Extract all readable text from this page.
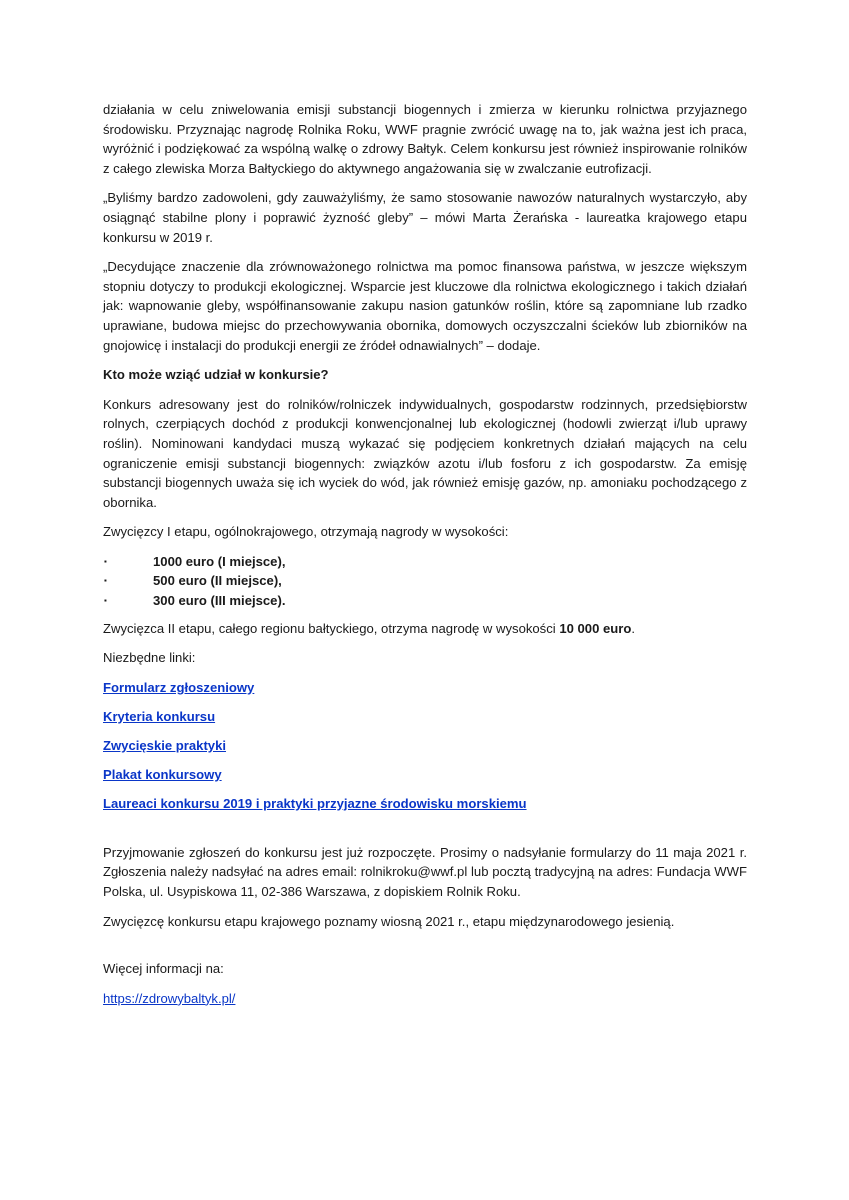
działania w celu zniwelowania emisji substancji biogennych i zmierza w kierunku rolnictwa przyjaznego środowisku. Przyznając nagrodę Rolnika Roku, WWF pragnie zwrócić uwagę na to, jak ważna jest ich praca, wyróżnić i podziękować za wspólną walkę o zdrowy Bałtyk. Celem konkursu jest również inspirowanie rolników z całego zlewiska Morza Bałtyckiego do aktywnego angażowania się w zwalczanie eutrofizacji.

„Byliśmy bardzo zadowoleni, gdy zauważyliśmy, że samo stosowanie nawozów naturalnych wystarczyło, aby osiągnąć stabilne plony i poprawić żyzność gleby” – mówi Marta Żerańska - laureatka krajowego etapu konkursu w 2019 r.

„Decydujące znaczenie dla zrównoważonego rolnictwa ma pomoc finansowa państwa, w jeszcze większym stopniu dotyczy to produkcji ekologicznej. Wsparcie jest kluczowe dla rolnictwa ekologicznego i takich działań jak: wapnowanie gleby, współfinansowanie zakupu nasion gatunków roślin, które są zapomniane lub rzadko uprawiane, budowa miejsc do przechowywania obornika, domowych oczyszczalni ścieków lub zbiorników na gnojowicę i instalacji do produkcji energii ze źródeł odnawialnych” – dodaje.

Kto może wziąć udział w konkursie?

Konkurs adresowany jest do rolników/rolniczek indywidualnych, gospodarstw rodzinnych, przedsiębiorstw rolnych, czerpiących dochód z produkcji konwencjonalnej lub ekologicznej (hodowli zwierząt i/lub uprawy roślin). Nominowani kandydaci muszą wykazać się podjęciem konkretnych działań mających na celu ograniczenie emisji substancji biogennych: związków azotu i/lub fosforu z ich gospodarstw. Za emisję substancji biogennych uważa się ich wyciek do wód, jak również emisję gazów, np. amoniaku pochodzącego z obornika.

Zwycięzcy I etapu, ogólnokrajowego, otrzymają nagrody w wysokości:

▪	1000 euro (I miejsce),
▪	500 euro (II miejsce),
▪	300 euro (III miejsce).

Zwycięzca II etapu, całego regionu bałtyckiego, otrzyma nagrodę w wysokości 10 000 euro.

Niezbędne linki:

Formularz zgłoszeniowy
Kryteria konkursu
Zwycięskie praktyki
Plakat konkursowy
Laureaci konkursu 2019 i praktyki przyjazne środowisku morskiemu

Przyjmowanie zgłoszeń do konkursu jest już rozpoczęte. Prosimy o nadsyłanie formularzy do 11 maja 2021 r. Zgłoszenia należy nadsyłać na adres email: rolnikroku@wwf.pl lub pocztą tradycyjną na adres: Fundacja WWF Polska, ul. Usypiskowa 11, 02-386 Warszawa, z dopiskiem Rolnik Roku.

Zwycięzcę konkursu etapu krajowego poznamy wiosną 2021 r., etapu międzynarodowego jesienią.

Więcej informacji na:

https://zdrowybaltyk.pl/
